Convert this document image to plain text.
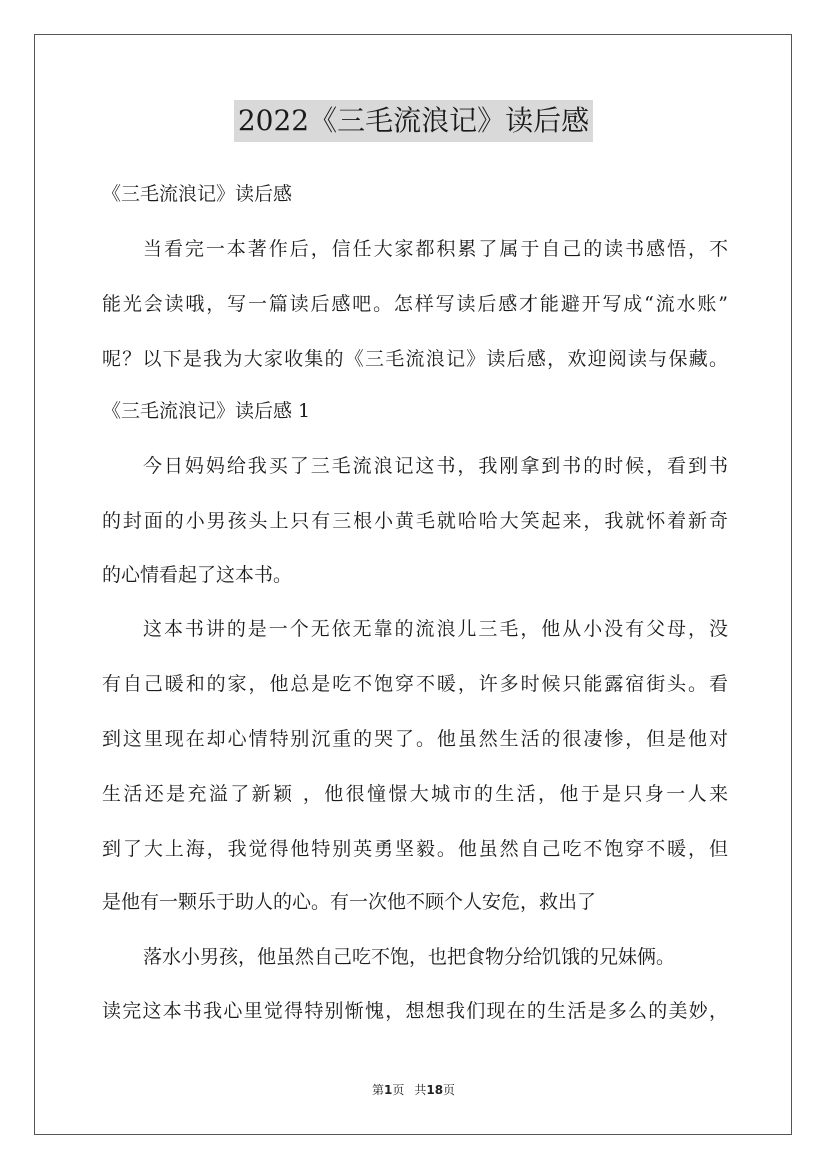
2022《三毛流浪记》读后感
《三毛流浪记》读后感
当看完一本著作后，信任大家都积累了属于自己的读书感悟，不
能光会读哦，写一篇读后感吧。怎样写读后感才能避开写成“流水账”
呢？以下是我为大家收集的《三毛流浪记》读后感，欢迎阅读与保藏。
《三毛流浪记》读后感 1
今日妈妈给我买了三毛流浪记这书，我刚拿到书的时候，看到书
的封面的小男孩头上只有三根小黄毛就哈哈大笑起来，我就怀着新奇
的心情看起了这本书。
这本书讲的是一个无依无靠的流浪儿三毛，他从小没有父母，没
有自己暖和的家，他总是吃不饱穿不暖，许多时候只能露宿街头。看
到这里现在却心情特别沉重的哭了。他虽然生活的很凄惨，但是他对
生活还是充溢了新颖 ，他很憧憬大城市的生活，他于是只身一人来
到了大上海，我觉得他特别英勇坚毅。他虽然自己吃不饱穿不暖，但
是他有一颗乐于助人的心。有一次他不顾个人安危，救出了
落水小男孩，他虽然自己吃不饱，也把食物分给饥饿的兄妹俩。
读完这本书我心里觉得特别惭愧，想想我们现在的生活是多么的美妙，
第1页 共18页
